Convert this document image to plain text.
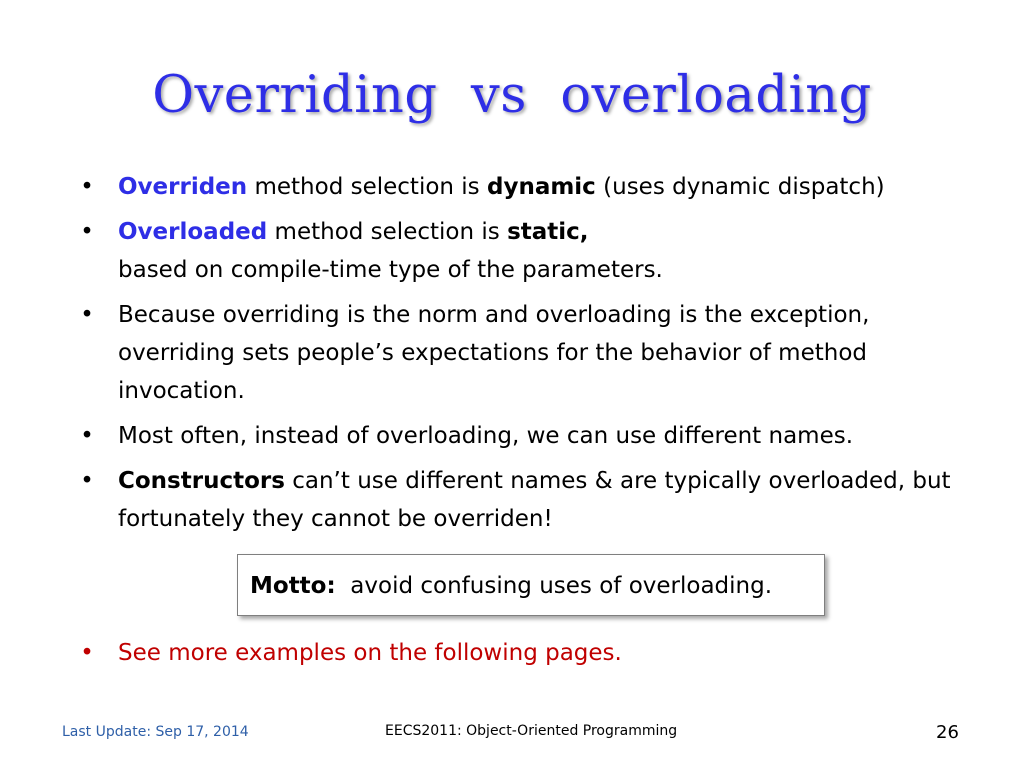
Overriding  vs  overloading
• Overriden method selection is dynamic (uses dynamic dispatch)
• Overloaded method selection is static,
based on compile-time type of the parameters.
• Because overriding is the norm and overloading is the exception, overriding sets people’s expectations for the behavior of method invocation.
• Most often, instead of overloading, we can use different names.
• Constructors can’t use different names & are typically overloaded, but fortunately they cannot be overriden!
Motto:  avoid confusing uses of overloading.
• See more examples on the following pages.
Last Update: Sep 17, 2014	EECS2011: Object-Oriented Programming	26
